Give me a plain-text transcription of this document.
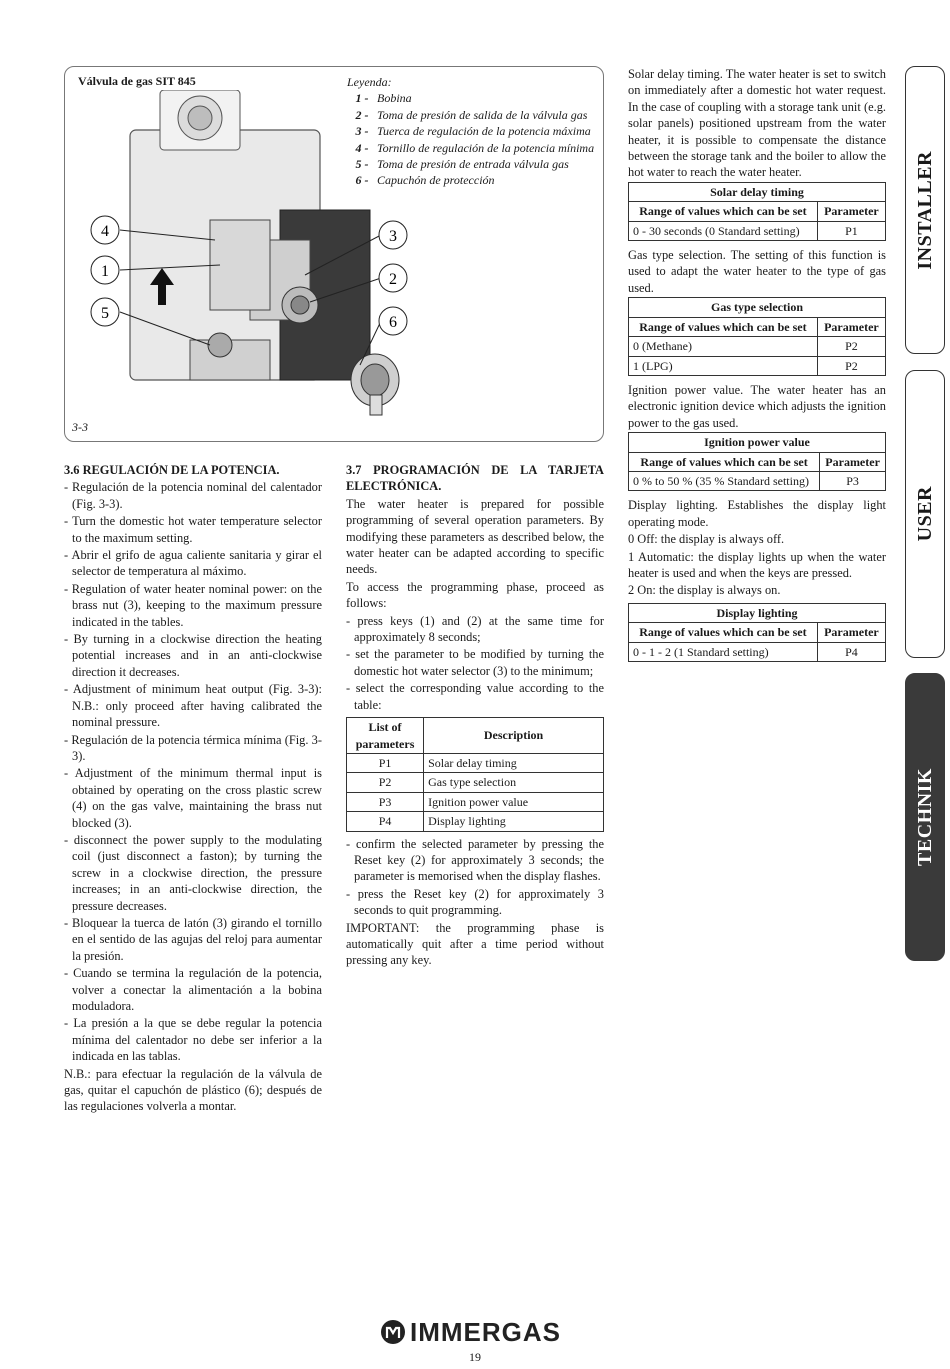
Válvula de gas SIT 845
4
1
5
3
2
6
3-3
Leyenda:
1 - Bobina
2 - Toma de presión de salida de la válvula gas
3 - Tuerca de regulación de la potencia máxima
4 - Tornillo de regulación de la potencia mínima
5 - Toma de presión de entrada válvula gas
6 - Capuchón de protección

Solar delay timing. The water heater is set to switch on immediately after a domestic hot water request. In the case of coupling with a storage tank unit (e.g. solar panels) positioned upstream from the water heater, it is possible to compensate the distance between the storage tank and the boiler to allow the hot water to reach the water heater.

Solar delay timing	
Range of values which can be set	Parameter
0 - 30 seconds (0 Standard setting)	P1

Gas type selection. The setting of this function is used to adapt the water heater to the type of gas used.

Gas type selection	
Range of values which can be set	Parameter
0 (Methane)	P2
1 (LPG)	P2

Ignition power value. The water heater has an electronic ignition device which adjusts the ignition power to the gas used.

Ignition power value	
Range of values which can be set	Parameter
0 % to 50 % (35 % Standard setting)	P3

Display lighting. Establishes the display light operating mode.

0 Off: the display is always off.

1 Automatic: the display lights up when the water heater is used and when the keys are pressed.

2 On: the display is always on.

Display lighting	
Range of values which can be set	Parameter
0 - 1 - 2 (1 Standard setting)	P4

3.6 REGULACIÓN DE LA POTENCIA.

- Regulación de la potencia nominal del calentador (Fig. 3-3).

- Turn the domestic hot water temperature selector to the maximum setting.

- Abrir el grifo de agua caliente sanitaria y girar el selector de temperatura al máximo.

- Regulation of water heater nominal power: on the brass nut (3), keeping to the maximum pressure indicated in the tables.

- By turning in a clockwise direction the heating potential increases and in an anti-clockwise direction it decreases.

- Adjustment of minimum heat output (Fig. 3-3): N.B.: only proceed after having calibrated the nominal pressure.

- Regulación de la potencia térmica mínima (Fig. 3-3).

- Adjustment of the minimum thermal input is obtained by operating on the cross plastic screw (4) on the gas valve, maintaining the brass nut blocked (3).

- disconnect the power supply to the modulating coil (just disconnect a faston); by turning the screw in a clockwise direction, the pressure increases; in an anti-clockwise direction, the pressure decreases.

- Bloquear la tuerca de latón (3) girando el tornillo en el sentido de las agujas del reloj para aumentar la presión.

- Cuando se termina la regulación de la potencia, volver a conectar la alimentación a la bobina moduladora.

- La presión a la que se debe regular la potencia mínima del calentador no debe ser inferior a la indicada en las tablas.

N.B.: para efectuar la regulación de la válvula de gas, quitar el capuchón de plástico (6); después de las regulaciones volverla a montar.

3.7 PROGRAMACIÓN DE LA TARJETA ELECTRÓNICA.

The water heater is prepared for possible programming of several operation parameters. By modifying these parameters as described below, the water heater can be adapted according to specific needs.

To access the programming phase, proceed as follows:

- press keys (1) and (2) at the same time for approximately 8 seconds;

- set the parameter to be modified by turning the domestic hot water selector (3) to the minimum;

- select the corresponding value according to the table:

List of parameters	Description
P1	Solar delay timing
P2	Gas type selection
P3	Ignition power value
P4	Display lighting

- confirm the selected parameter by pressing the Reset key (2) for approximately 3 seconds; the parameter is memorised when the display flashes.

- press the Reset key (2) for approximately 3 seconds to quit programming.

IMPORTANT: the programming phase is automatically quit after a time period without pressing any key.

INSTALLER
USER
TECHNIK
IMMERGAS
19
